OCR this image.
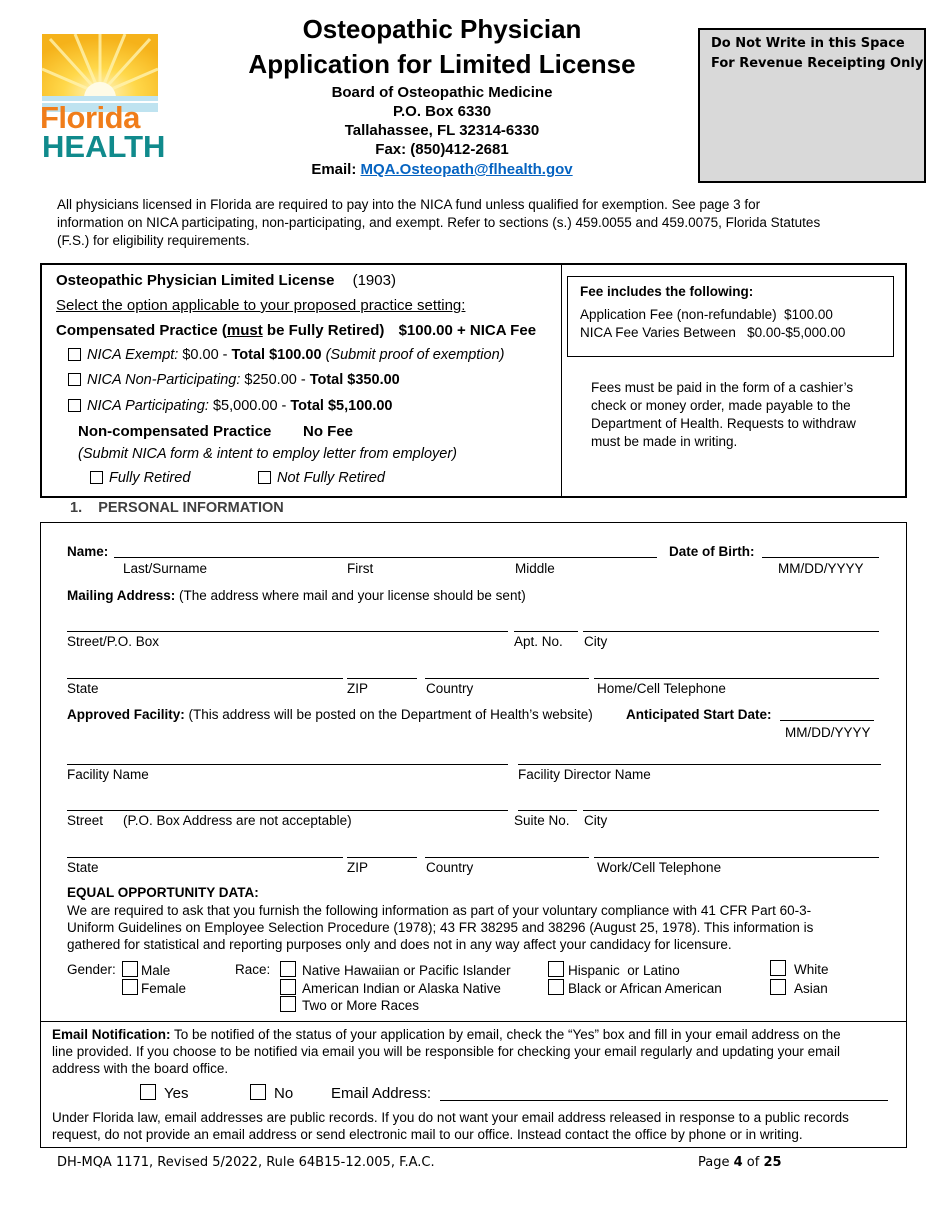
Florida
HEALTH
Osteopathic Physician
Application for Limited License
Board of Osteopathic Medicine
P.O. Box 6330
Tallahassee, FL 32314-6330
Fax: (850)412-2681
Email: MQA.Osteopath@flhealth.gov
Do Not Write in this Space
For Revenue Receipting Only
All physicians licensed in Florida are required to pay into the NICA fund unless qualified for exemption. See page 3 for
information on NICA participating, non-participating, and exempt. Refer to sections (s.) 459.0055 and 459.0075, Florida Statutes
(F.S.) for eligibility requirements.
Osteopathic Physician Limited License (1903)
Select the option applicable to your proposed practice setting:
Compensated Practice (must be Fully Retired) $100.00 + NICA Fee
NICA Exempt: $0.00 - Total $100.00 (Submit proof of exemption)
NICA Non-Participating: $250.00 - Total $350.00
NICA Participating: $5,000.00 - Total $5,100.00
Non-compensated Practice No Fee
(Submit NICA form & intent to employ letter from employer)
Fully Retired	Not Fully Retired
Fee includes the following:
Application Fee (non-refundable)  $100.00
NICA Fee Varies Between   $0.00-$5,000.00
Fees must be paid in the form of a cashier’s
check or money order, made payable to the
Department of Health. Requests to withdraw
must be made in writing.
1.    PERSONAL INFORMATION
Name:	Date of Birth:
Last/Surname	First	Middle	MM/DD/YYYY
Mailing Address: (The address where mail and your license should be sent)
Street/P.O. Box	Apt. No. City
State	ZIP	Country	Home/Cell Telephone
Approved Facility: (This address will be posted on the Department of Health’s website) Anticipated Start Date:
MM/DD/YYYY
Facility Name	Facility Director Name
Street (P.O. Box Address are not acceptable)	Suite No. City
State	ZIP	Country	Work/Cell Telephone
EQUAL OPPORTUNITY DATA:
We are required to ask that you furnish the following information as part of your voluntary compliance with 41 CFR Part 60-3-
Uniform Guidelines on Employee Selection Procedure (1978); 43 FR 38295 and 38296 (August 25, 1978). This information is
gathered for statistical and reporting purposes only and does not in any way affect your candidacy for licensure.
Gender:	Male
Female
Race:	Native Hawaiian or Pacific Islander
American Indian or Alaska Native
Two or More Races
Hispanic  or Latino
Black or African American
White
Asian
Email Notification: To be notified of the status of your application by email, check the “Yes” box and fill in your email address on the
line provided. If you choose to be notified via email you will be responsible for checking your email regularly and updating your email
address with the board office.
Yes	No	Email Address:
Under Florida law, email addresses are public records. If you do not want your email address released in response to a public records
request, do not provide an email address or send electronic mail to our office. Instead contact the office by phone or in writing.
DH-MQA 1171, Revised 5/2022, Rule 64B15-12.005, F.A.C.	Page 4 of 25
